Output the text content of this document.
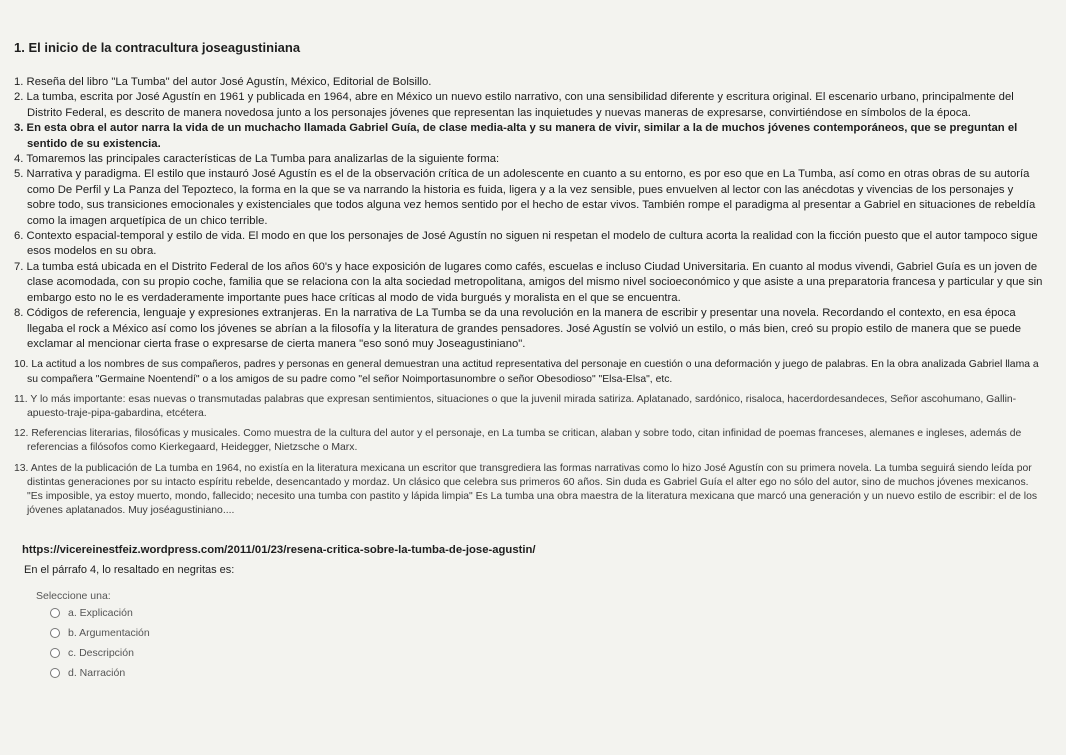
1. El inicio de la contracultura joseagustiniana
1. Reseña del libro "La Tumba" del autor José Agustín, México, Editorial de Bolsillo.
2. La tumba, escrita por José Agustín en 1961 y publicada en 1964, abre en México un nuevo estilo narrativo, con una sensibilidad diferente y escritura original. El escenario urbano, principalmente del Distrito Federal, es descrito de manera novedosa junto a los personajes jóvenes que representan las inquietudes y nuevas maneras de expresarse, convirtiéndose en símbolos de la época.
3. En esta obra el autor narra la vida de un muchacho llamada Gabriel Guía, de clase media-alta y su manera de vivir, similar a la de muchos jóvenes contemporáneos, que se preguntan el sentido de su existencia.
4. Tomaremos las principales características de La Tumba para analizarlas de la siguiente forma:
5. Narrativa y paradigma. El estilo que instauró José Agustín es el de la observación crítica de un adolescente en cuanto a su entorno, es por eso que en La Tumba, así como en otras obras de su autoría como De Perfil y La Panza del Tepozteco, la forma en la que se va narrando la historia es fuida, ligera y a la vez sensible, pues envuelven al lector con las anécdotas y vivencias de los personajes y sobre todo, sus transiciones emocionales y existenciales que todos alguna vez hemos sentido por el hecho de estar vivos. También rompe el paradigma al presentar a Gabriel en situaciones de rebeldía como la imagen arquetípica de un chico terrible.
6. Contexto espacial-temporal y estilo de vida. El modo en que los personajes de José Agustín no siguen ni respetan el modelo de cultura acorta la realidad con la ficción puesto que el autor tampoco sigue esos modelos en su obra.
7. La tumba está ubicada en el Distrito Federal de los años 60's y hace exposición de lugares como cafés, escuelas e incluso Ciudad Universitaria. En cuanto al modus vivendi, Gabriel Guía es un joven de clase acomodada, con su propio coche, familia que se relaciona con la alta sociedad metropolitana, amigos del mismo nivel socioeconómico y que asiste a una preparatoria francesa y particular y que sin embargo esto no le es verdaderamente importante pues hace críticas al modo de vida burgués y moralista en el que se encuentra.
8. Códigos de referencia, lenguaje y expresiones extranjeras. En la narrativa de La Tumba se da una revolución en la manera de escribir y presentar una novela. Recordando el contexto, en esa época llegaba el rock a México así como los jóvenes se abrían a la filosofía y la literatura de grandes pensadores. José Agustín se volvió un estilo, o más bien, creó su propio estilo de manera que se puede exclamar al mencionar cierta frase o expresarse de cierta manera "eso sonó muy Joseagustiniano".
10. La actitud a los nombres de sus compañeros, padres y personas en general demuestran una actitud representativa del personaje en cuestión o una deformación y juego de palabras. En la obra analizada Gabriel llama a su compañera "Germaine Noentendí" o a los amigos de su padre como "el señor Noimportasunombre o señor Obesodioso" "Elsa-Elsa", etc.
11. Y lo más importante: esas nuevas o transmutadas palabras que expresan sentimientos, situaciones o que la juvenil mirada satiriza. Aplatanado, sardónico, risaloca, hacerdordesandeces, Señor ascohumano, Gallin-apuesto-traje-pipa-gabardina, etcétera.
12. Referencias literarias, filosóficas y musicales. Como muestra de la cultura del autor y el personaje, en La tumba se critican, alaban y sobre todo, citan infinidad de poemas franceses, alemanes e ingleses, además de referencias a filósofos como Kierkegaard, Heidegger, Nietzsche o Marx.
13. Antes de la publicación de La tumba en 1964, no existía en la literatura mexicana un escritor que transgrediera las formas narrativas como lo hizo José Agustín con su primera novela. La tumba seguirá siendo leída por distintas generaciones por su intacto espíritu rebelde, desencantado y mordaz. Un clásico que celebra sus primeros 60 años. Sin duda es Gabriel Guía el alter ego no sólo del autor, sino de muchos jóvenes mexicanos. "Es imposible, ya estoy muerto, mondo, fallecido; necesito una tumba con pastito y lápida limpia" Es La tumba una obra maestra de la literatura mexicana que marcó una generación y un nuevo estilo de escribir: el de los jóvenes aplatanados. Muy joséagustiniano....
https://vicereinestfeiz.wordpress.com/2011/01/23/resena-critica-sobre-la-tumba-de-jose-agustin/
En el párrafo 4, lo resaltado en negritas es:
Seleccione una:
a. Explicación
b. Argumentación
c. Descripción
d. Narración
